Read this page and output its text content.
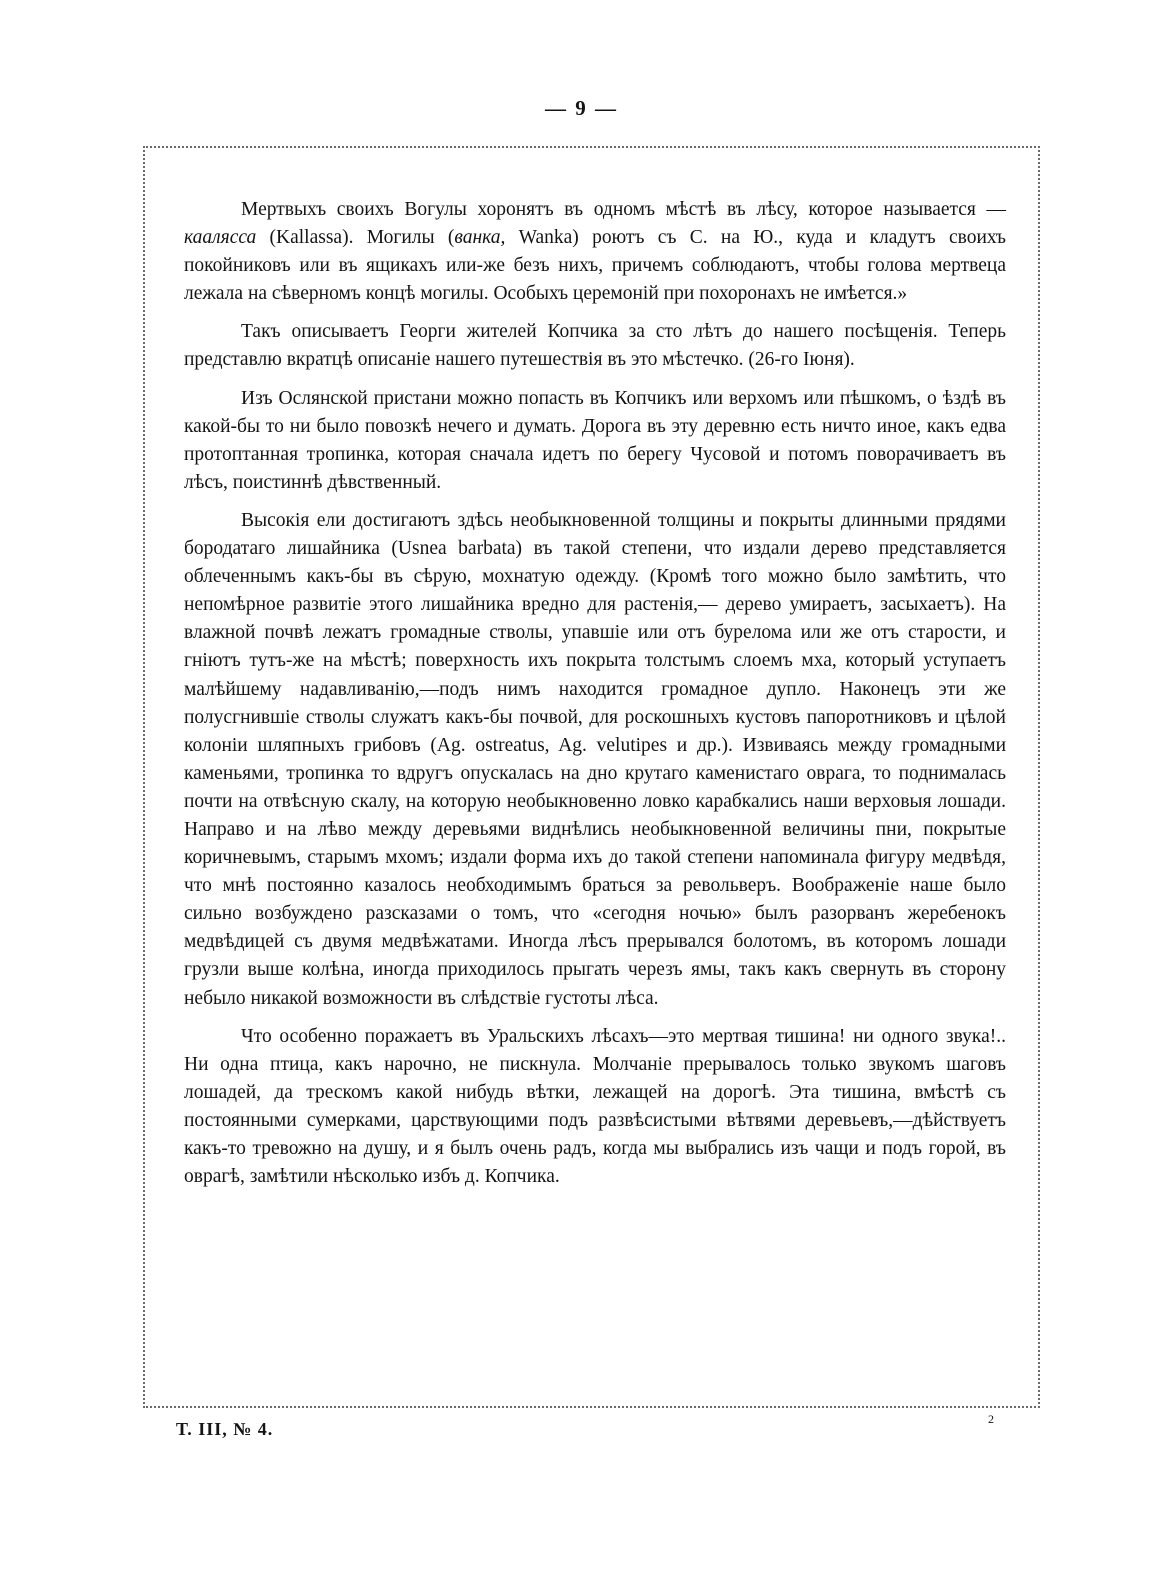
— 9 —

Мертвыхъ своихъ Вогулы хоронятъ въ одномъ мѣстѣ въ лѣсу, которое называется — каалясса (Kallassa). Могилы (ванка, Wanka) роютъ съ С. на Ю., куда и кладутъ своихъ покойниковъ или въ ящикахъ или-же безъ нихъ, причемъ соблюдаютъ, чтобы голова мертвеца лежала на сѣверномъ концѣ могилы. Особыхъ церемоній при похоронахъ не имѣется.»

Такъ описываетъ Георги жителей Копчика за сто лѣтъ до нашего посѣщенія. Теперь представлю вкратцѣ описаніе нашего путешествія въ это мѣстечко. (26-го Іюня).

Изъ Ослянской пристани можно попасть въ Копчикъ или верхомъ или пѣшкомъ, о ѣздѣ въ какой-бы то ни было повозкѣ нечего и думать. Дорога въ эту деревню есть ничто иное, какъ едва протоптанная тропинка, которая сначала идетъ по берегу Чусовой и потомъ поворачиваетъ въ лѣсъ, поистиннѣ дѣвственный.

Высокія ели достигаютъ здѣсь необыкновенной толщины и покрыты длинными прядями бородатаго лишайника (Usnea barbata) въ такой степени, что издали дерево представляется облеченнымъ какъ-бы въ сѣрую, мохнатую одежду. (Кромѣ того можно было замѣтить, что непомѣрное развитіе этого лишайника вредно для растенія,— дерево умираетъ, засыхаетъ). На влажной почвѣ лежатъ громадные стволы, упавшіе или отъ бурелома или же отъ старости, и гніютъ тутъ-же на мѣстѣ; поверхность ихъ покрыта толстымъ слоемъ мха, который уступаетъ малѣйшему надавливанію,—подъ нимъ находится громадное дупло. Наконецъ эти же полусгнившіе стволы служатъ какъ-бы почвой, для роскошныхъ кустовъ папоротниковъ и цѣлой колоніи шляпныхъ грибовъ (Ag. ostreatus, Ag. velutipes и др.). Извиваясь между громадными каменьями, тропинка то вдругъ опускалась на дно крутаго каменистаго оврага, то поднималась почти на отвѣсную скалу, на которую необыкновенно ловко карабкались наши верховыя лошади. Направо и на лѣво между деревьями виднѣлись необыкновенной величины пни, покрытые коричневымъ, старымъ мхомъ; издали форма ихъ до такой степени напоминала фигуру медвѣдя, что мнѣ постоянно казалось необходимымъ браться за револьверъ. Воображеніе наше было сильно возбуждено разсказами о томъ, что «сегодня ночью» былъ разорванъ жеребенокъ медвѣдицей съ двумя медвѣжатами. Иногда лѣсъ прерывался болотомъ, въ которомъ лошади грузли выше колѣна, иногда приходилось прыгать черезъ ямы, такъ какъ свернуть въ сторону небыло никакой возможности въ слѣдствіе густоты лѣса.

Что особенно поражаетъ въ Уральскихъ лѣсахъ—это мертвая тишина! ни одного звука!.. Ни одна птица, какъ нарочно, не пискнула. Молчаніе прерывалось только звукомъ шаговъ лошадей, да трескомъ какой нибудь вѣтки, лежащей на дорогѣ. Эта тишина, вмѣстѣ съ постоянными сумерками, царствующими подъ развѣсистыми вѣтвями деревьевъ,—дѣйствуетъ какъ-то тревожно на душу, и я былъ очень радъ, когда мы выбрались изъ чащи и подъ горой, въ оврагѣ, замѣтили нѣсколько избъ д. Копчика.

Т. III, № 4.	2
